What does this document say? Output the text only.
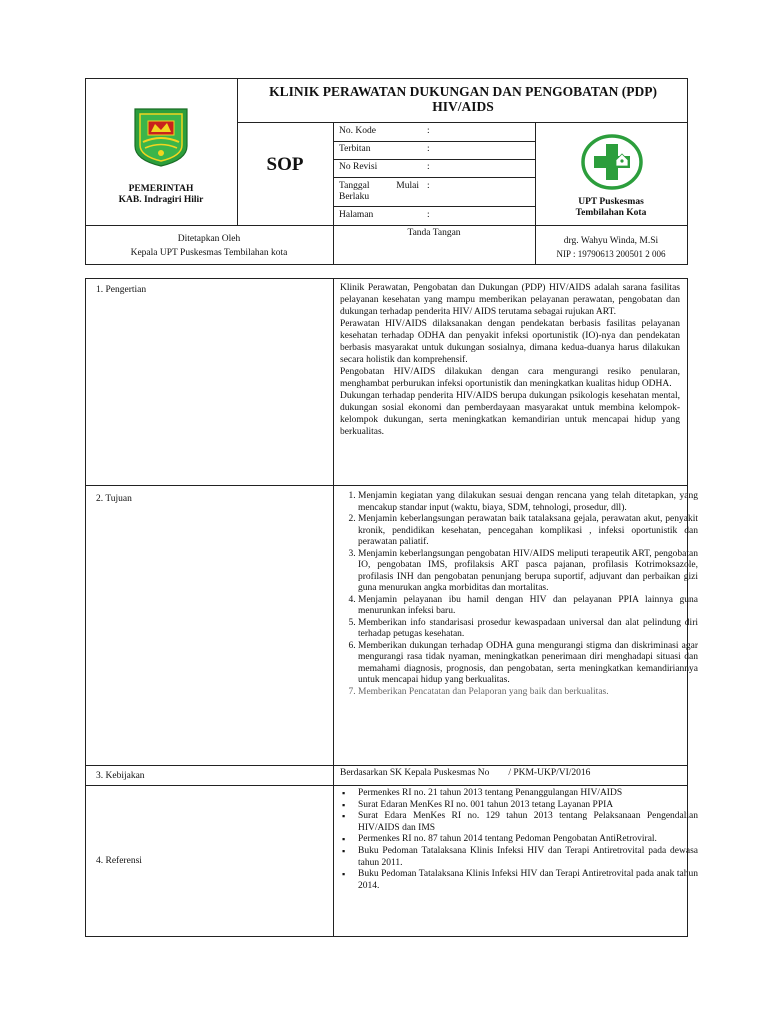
PEMERINTAH
KAB. Indragiri Hilir
KLINIK PERAWATAN DUKUNGAN DAN PENGOBATAN (PDP) HIV/AIDS
SOP
No. Kode	:
Terbitan	:
No Revisi	:
Tanggal Mulai Berlaku
:
Halaman	:
UPT Puskesmas
Tembilahan Kota
Ditetapkan Oleh
Kepala UPT Puskesmas Tembilahan kota
Tanda Tangan
drg. Wahyu Winda, M.Si
NIP : 19790613 200501 2 006
1. Pengertian	Klinik Perawatan, Pengobatan dan Dukungan (PDP) HIV/AIDS adalah sarana fasilitas pelayanan kesehatan yang mampu memberikan pelayanan perawatan, pengobatan dan dukungan terhadap penderita HIV/ AIDS terutama sebagai rujukan ART.

Perawatan HIV/AIDS dilaksanakan dengan pendekatan berbasis fasilitas pelayanan kesehatan terhadap ODHA dan penyakit infeksi oportunistik (IO)-nya dan pendekatan berbasis masyarakat untuk dukungan sosialnya, dimana kedua-duanya harus dilakukan secara holistik dan komprehensif.

Pengobatan HIV/AIDS dilakukan dengan cara mengurangi resiko penularan, menghambat perburukan infeksi oportunistik dan meningkatkan kualitas hidup ODHA.

Dukungan terhadap penderita HIV/AIDS berupa dukungan psikologis kesehatan mental, dukungan sosial ekonomi dan pemberdayaan masyarakat untuk membina kelompok-kelompok dukungan, serta meningkatkan kemandirian untuk mencapai hidup yang berkualitas.

2. Tujuan
1.	Menjamin kegiatan yang dilakukan sesuai dengan rencana yang telah ditetapkan, yang mencakup standar input (waktu, biaya, SDM, tehnologi, prosedur, dll).
2. Menjamin keberlangsungan perawatan baik tatalaksana gejala, perawatan akut, penyakit kronik, pendidikan kesehatan, pencegahan komplikasi , infeksi oportunistik dan perawatan paliatif.
3. Menjamin keberlangsungan pengobatan HIV/AIDS meliputi terapeutik ART, pengobatan IO, pengobatan IMS, profilaksis ART pasca pajanan, profilasis Kotrimoksazole, profilasis INH dan pengobatan penunjang berupa suportif, adjuvant dan perbaikan gizi guna menurukan angka morbiditas dan mortalitas.
4. Menjamin pelayanan ibu hamil dengan HIV dan pelayanan PPIA lainnya guna menurunkan infeksi baru.
5. Memberikan info standarisasi prosedur kewaspadaan universal dan alat pelindung diri terhadap petugas kesehatan.
6. Memberikan dukungan terhadap ODHA guna mengurangi stigma dan diskriminasi agar mengurangi rasa tidak nyaman, meningkatkan penerimaan diri menghadapi situasi dan memahami diagnosis, prognosis, dan pengobatan, serta meningkatkan kemandiriannya untuk mencapai hidup yang berkualitas.
7. Memberikan Pencatatan dan Pelaporan yang baik dan berkualitas.
3. Kebijakan	Berdasarkan SK Kepala Puskesmas No        / PKM-UKP/VI/2016
4. Referensi
▪ Permenkes RI no. 21 tahun 2013 tentang Penanggulangan HIV/AIDS
▪ Surat Edaran MenKes RI no. 001 tahun 2013 tetang Layanan PPIA
▪ Surat Edara MenKes RI no. 129 tahun 2013 tentang Pelaksanaan Pengendalian HIV/AIDS dan IMS
▪ Permenkes RI no. 87 tahun 2014 tentang Pedoman Pengobatan AntiRetroviral.
▪ Buku Pedoman Tatalaksana Klinis Infeksi HIV dan Terapi Antiretrovital pada dewasa tahun 2011.
▪ Buku Pedoman Tatalaksana Klinis Infeksi HIV dan Terapi Antiretrovital pada anak tahun 2014.
